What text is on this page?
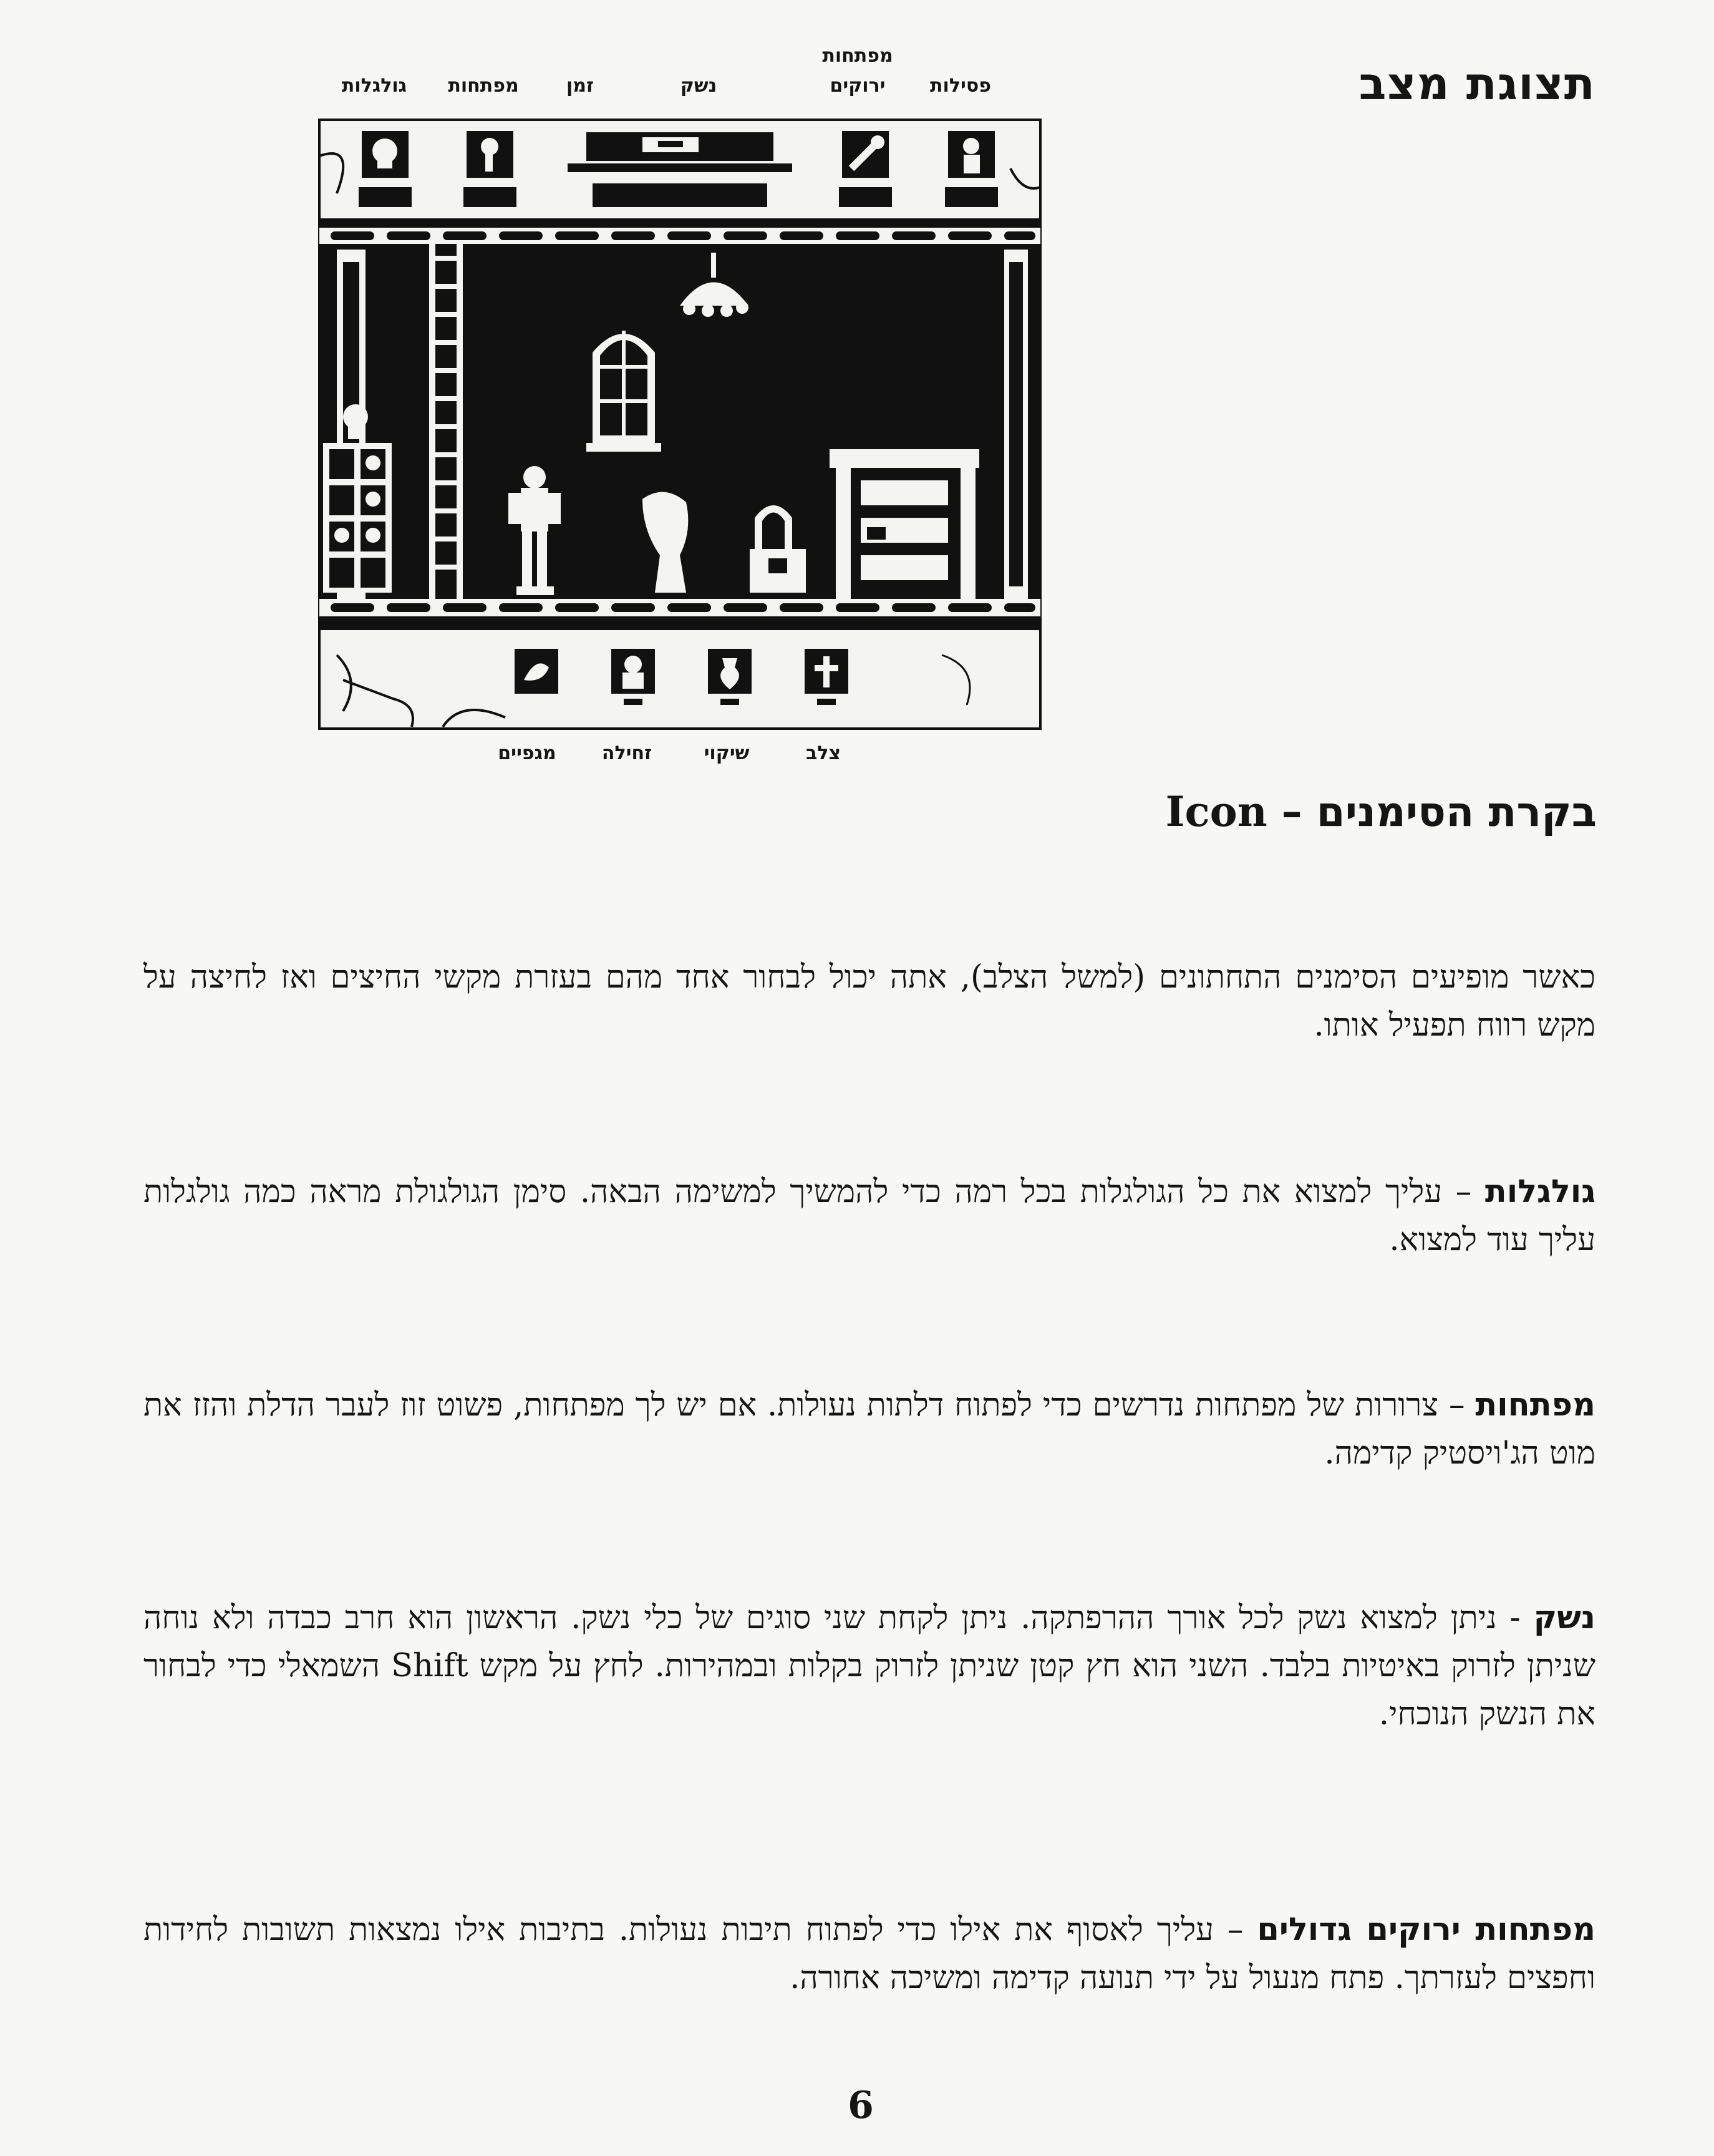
תצוגת מצב
גולגלות	מפתחות	זמן	נשק
מפתחות
ירוקים	פסילות
מגפיים	זחילה	שיקוי	צלב
Icon – בקרת הסימנים

כאשר מופיעים הסימנים התחתונים (למשל הצלב), אתה יכול לבחור אחד מהם בעזרת מקשי החיצים ואז לחיצה על מקש רווח תפעיל אותו.

גולגלות – עליך למצוא את כל הגולגלות בכל רמה כדי להמשיך למשימה הבאה. סימן הגולגולת מראה כמה גולגלות עליך עוד למצוא.

מפתחות – צרורות של מפתחות נדרשים כדי לפתוח דלתות נעולות. אם יש לך מפתחות, פשוט זוז לעבר הדלת והזז את מוט הג'ויסטיק קדימה.

נשק - ניתן למצוא נשק לכל אורך ההרפתקה. ניתן לקחת שני סוגים של כלי נשק. הראשון הוא חרב כבדה ולא נוחה שניתן לזרוק באיטיות בלבד. השני הוא חץ קטן שניתן לזרוק בקלות ובמהירות. לחץ על מקש Shift השמאלי כדי לבחור את הנשק הנוכחי.

מפתחות ירוקים גדולים – עליך לאסוף את אילו כדי לפתוח תיבות נעולות. בתיבות אילו נמצאות תשובות לחידות וחפצים לעזרתך. פתח מנעול על ידי תנועה קדימה ומשיכה אחורה.

6
